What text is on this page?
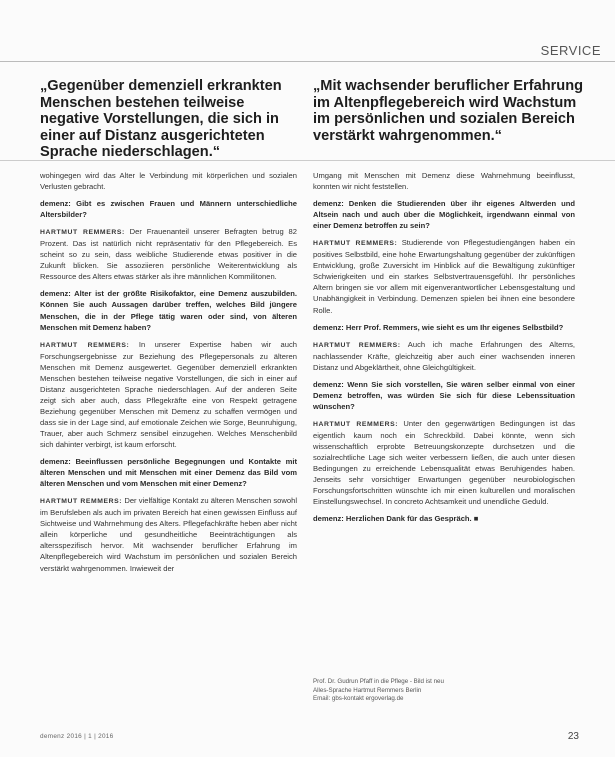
SERVICE
„Gegenüber demenziell erkrankten Menschen bestehen teilweise negative Vorstellungen, die sich in einer auf Distanz ausgerichteten Sprache niederschlagen.“
„Mit wachsender beruflicher Erfahrung im Altenpflegebereich wird Wachstum im persönlichen und sozialen Bereich verstärkt wahrgenommen.“

wohingegen wird das Alter le Verbindung mit körperlichen und sozialen Verlusten gebracht.

demenz: Gibt es zwischen Frauen und Männern unterschiedliche Altersbilder?

HARTMUT REMMERS: Der Frauenanteil unserer Befragten betrug 82 Prozent. Das ist natürlich nicht repräsentativ für den Pflegebereich. Es scheint so zu sein, dass weibliche Studierende etwas positiver in die Zukunft blicken. Sie assoziieren persönliche Weiterentwicklung als Ressource des Alters etwas stärker als ihre männlichen Kommilitonen.

demenz: Alter ist der größte Risikofaktor, eine Demenz auszubilden. Können Sie auch Aussagen darüber treffen, welches Bild jüngere Menschen, die in der Pflege tätig waren oder sind, von älteren Menschen mit Demenz haben?

HARTMUT REMMERS: In unserer Expertise haben wir auch Forschungsergebnisse zur Beziehung des Pflegepersonals zu älteren Menschen mit Demenz ausgewertet. Gegenüber demenziell erkrankten Menschen bestehen teilweise negative Vorstellungen, die sich in einer auf Distanz ausgerichteten Sprache niederschlagen. Auf der anderen Seite zeigt sich aber auch, dass Pflegekräfte eine von Respekt getragene Beziehung gegenüber Menschen mit Demenz zu schaffen vermögen und dass sie in der Lage sind, auf emotionale Zeichen wie Sorge, Beunruhigung, Trauer, aber auch Schmerz sensibel einzugehen. Welches Menschenbild sich dahinter verbirgt, ist kaum erforscht.

demenz: Beeinflussen persönliche Begegnungen und Kontakte mit älteren Menschen und mit Menschen mit einer Demenz das Bild vom älteren Menschen und vom Menschen mit einer Demenz?

HARTMUT REMMERS: Der vielfältige Kontakt zu älteren Menschen sowohl im Berufsleben als auch im privaten Bereich hat einen gewissen Einfluss auf Sichtweise und Wahrnehmung des Alters. Pflegefachkräfte heben aber nicht allein körperliche und gesundheitliche Beeinträchtigungen als altersspezifisch hervor. Mit wachsender beruflicher Erfahrung im Altenpflegebereich wird Wachstum im persönlichen und sozialen Bereich verstärkt wahrgenommen. Inwieweit der

Umgang mit Menschen mit Demenz diese Wahrnehmung beeinflusst, konnten wir nicht feststellen.

demenz: Denken die Studierenden über ihr eigenes Altwerden und Altsein nach und auch über die Möglichkeit, irgendwann einmal von einer Demenz betroffen zu sein?

HARTMUT REMMERS: Studierende von Pflegestudiengängen haben ein positives Selbstbild, eine hohe Erwartungshaltung gegenüber der zukünftigen Entwicklung, große Zuversicht im Hinblick auf die Bewältigung zukünftiger Schwierigkeiten und ein starkes Selbstvertrauensgefühl. Ihr persönliches Altern bringen sie vor allem mit eigenverantwortlicher Lebensgestaltung und Unabhängigkeit in Verbindung. Demenzen spielen bei ihnen eine besondere Rolle.

demenz: Herr Prof. Remmers, wie sieht es um Ihr eigenes Selbstbild?

HARTMUT REMMERS: Auch ich mache Erfahrungen des Alterns, nachlassender Kräfte, gleichzeitig aber auch einer wachsenden inneren Distanz und Abgeklärtheit, ohne Gleichgültigkeit.

demenz: Wenn Sie sich vorstellen, Sie wären selber einmal von einer Demenz betroffen, was würden Sie sich für diese Lebenssituation wünschen?

HARTMUT REMMERS: Unter den gegenwärtigen Bedingungen ist das eigentlich kaum noch ein Schreckbild. Dabei könnte, wenn sich wissenschaftlich erprobte Betreuungskonzepte durchsetzen und die sozialrechtliche Lage sich weiter verbessern ließen, die auch unter diesen Bedingungen zu erreichende Lebensqualität etwas Beruhigendes haben. Jenseits sehr vorsichtiger Erwartungen gegenüber neurobiologischen Forschungsfortschritten wünschte ich mir einen kulturellen und moralischen Einstellungswechsel. In concreto Achtsamkeit und unendliche Geduld.

demenz: Herzlichen Dank für das Gespräch. ■

Prof. Dr. Gudrun Pfaff in die Pflege - Bild ist neu
Alles-Sprache Hartmut Remmers Berlin
Email: gbs-kontakt ergoverlag.de
demenz 2016 | 1 | 2016	23
